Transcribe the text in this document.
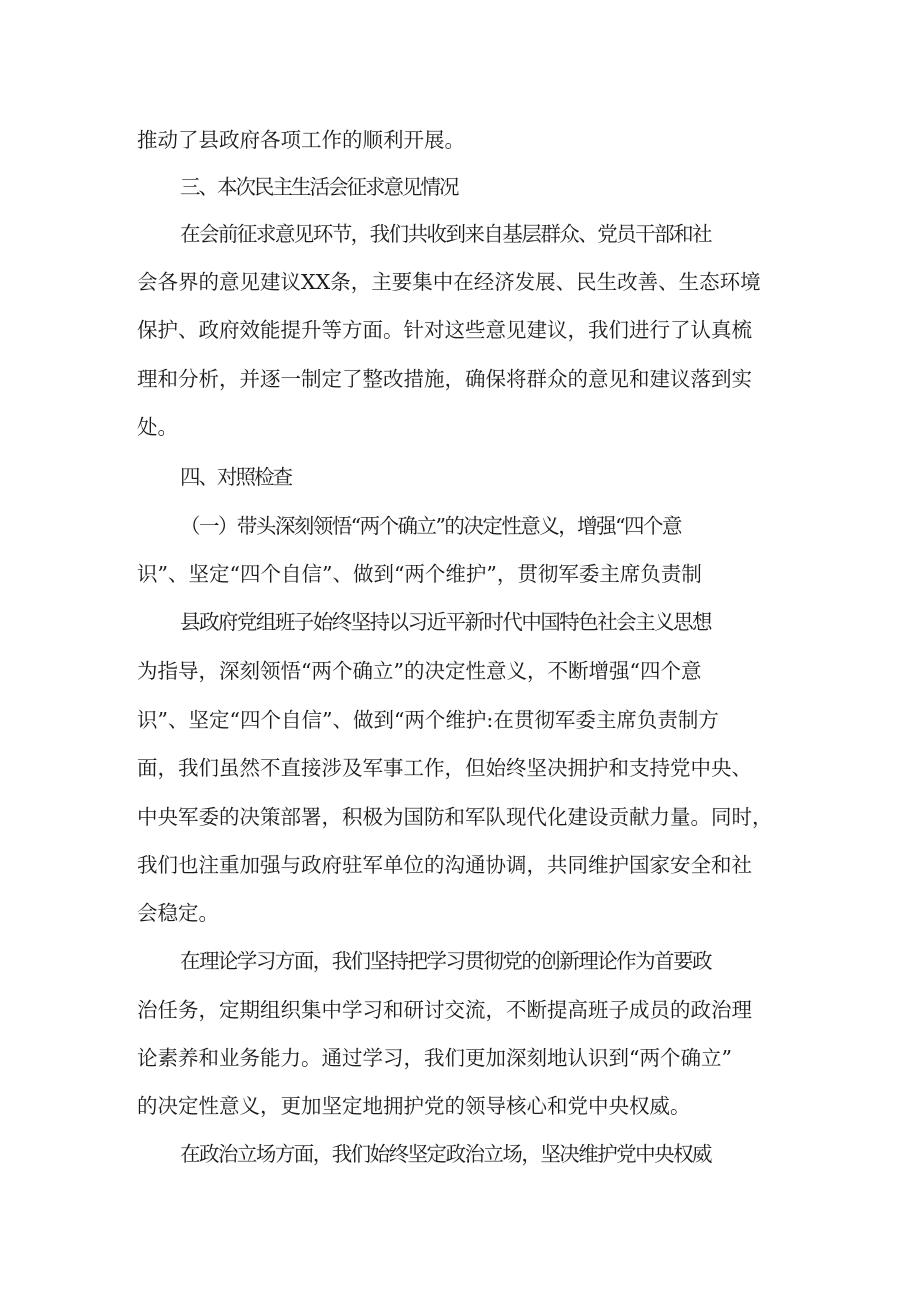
推动了县政府各项工作的顺利开展。
三、本次民主生活会征求意见情况
在会前征求意见环节，我们共收到来自基层群众、党员干部和社
会各界的意见建议XX条，主要集中在经济发展、民生改善、生态环境
保护、政府效能提升等方面。针对这些意见建议，我们进行了认真梳
理和分析，并逐一制定了整改措施，确保将群众的意见和建议落到实
处。
四、对照检查
（一）带头深刻领悟“两个确立”的决定性意义，增强“四个意
识”、坚定“四个自信”、做到“两个维护”，贯彻军委主席负责制
县政府党组班子始终坚持以习近平新时代中国特色社会主义思想
为指导，深刻领悟“两个确立”的决定性意义，不断增强“四个意
识”、坚定“四个自信”、做到“两个维护:在贯彻军委主席负责制方
面，我们虽然不直接涉及军事工作，但始终坚决拥护和支持党中央、
中央军委的决策部署，积极为国防和军队现代化建设贡献力量。同时，
我们也注重加强与政府驻军单位的沟通协调，共同维护国家安全和社
会稳定。
在理论学习方面，我们坚持把学习贯彻党的创新理论作为首要政
治任务，定期组织集中学习和研讨交流，不断提高班子成员的政治理
论素养和业务能力。通过学习，我们更加深刻地认识到“两个确立”
的决定性意义，更加坚定地拥护党的领导核心和党中央权威。
在政治立场方面，我们始终坚定政治立场，坚决维护党中央权威
